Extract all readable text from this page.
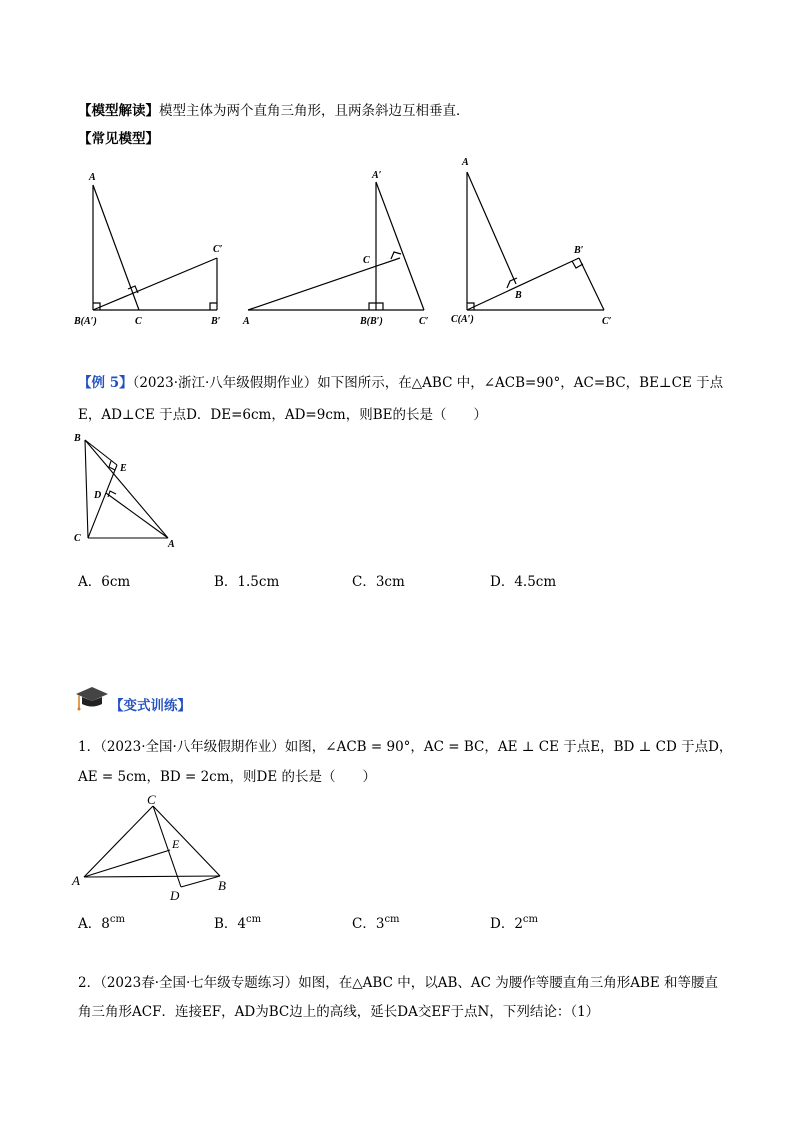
【模型解读】模型主体为两个直角三角形，且两条斜边互相垂直．
【常见模型】
A
C
C′
B(A′)	B′
A′
C
A	B(B′)	C′
A
B′
B
C(A′)	C′
【例 5】（2023·浙江·八年级假期作业）如下图所示，在△ABC 中，∠ACB=90°，AC=BC，BE⊥CE 于点
E，AD⊥CE 于点D．DE=6cm，AD=9cm，则BE的长是（　　）
B
E
D
C
A
A．6cm	B．1.5cm	C．3cm	D．4.5cm
【变式训练】
1．（2023·全国·八年级假期作业）如图，∠ACB = 90°，AC = BC，AE ⊥ CE 于点E，BD ⊥ CD 于点D，
AE = 5cm，BD = 2cm，则DE 的长是（　　）
C
E
A	B
D
A．$8^{cm}$	B．$4^{cm}$	C．$3^{cm}$	D．$2^{cm}$
2．（2023春·全国·七年级专题练习）如图，在△ABC 中，以AB、AC 为腰作等腰直角三角形ABE 和等腰直
角三角形ACF．连接EF，AD为BC边上的高线，延长DA交EF于点N，下列结论：（1）
